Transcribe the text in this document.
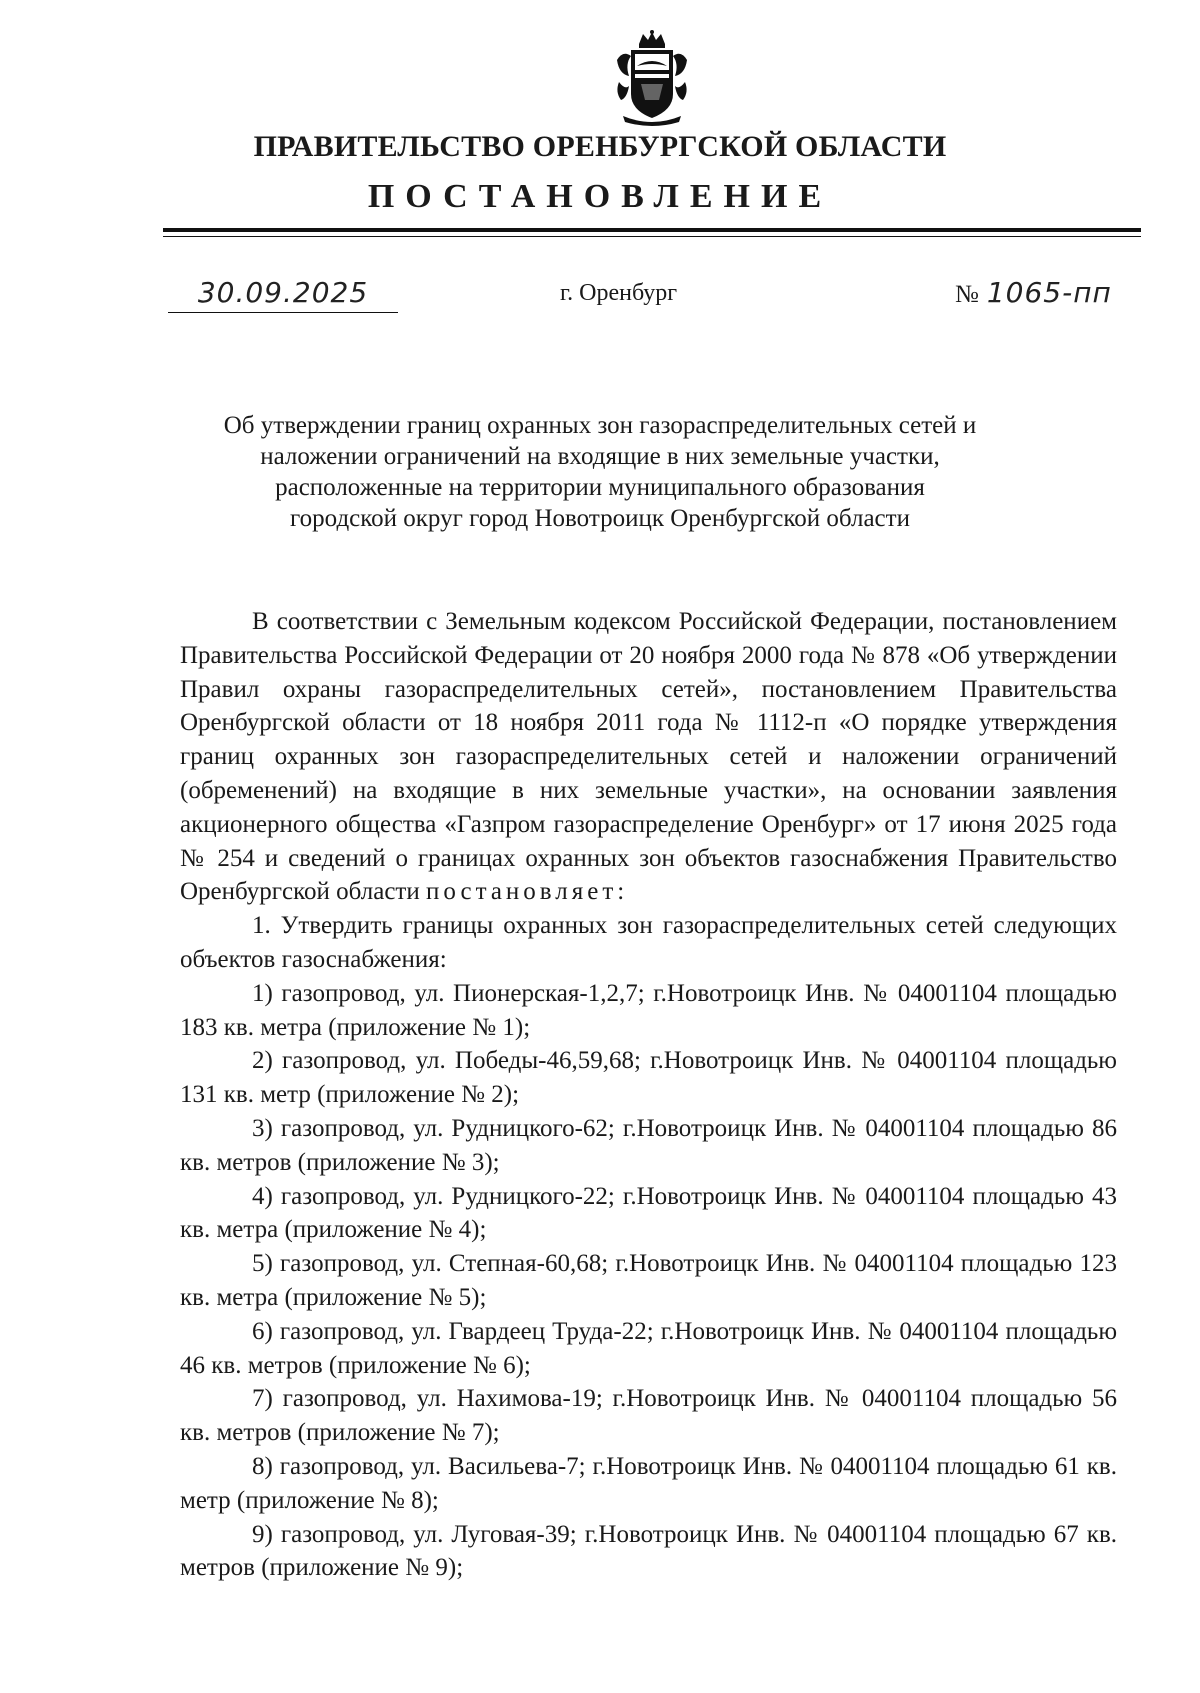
ПРАВИТЕЛЬСТВО ОРЕНБУРГСКОЙ ОБЛАСТИ
ПОСТАНОВЛЕНИЕ
30.09.2025	г. Оренбург	№ 1065-пп
Об утверждении границ охранных зон газораспределительных сетей и
наложении ограничений на входящие в них земельные участки,
расположенные на территории муниципального образования
городской округ город Новотроицк Оренбургской области

В соответствии с Земельным кодексом Российской Федерации, постановлением Правительства Российской Федерации от 20 ноября 2000 года № 878 «Об утверждении Правил охраны газораспределительных сетей», постановлением Правительства Оренбургской области от 18 ноября 2011 года № 1112-п «О порядке утверждения границ охранных зон газораспределительных сетей и наложении ограничений (обременений) на входящие в них земельные участки», на основании заявления акционерного общества «Газпром газораспределение Оренбург» от 17 июня 2025 года № 254 и сведений о границах охранных зон объектов газоснабжения Правительство Оренбургской области постановляет:

1. Утвердить границы охранных зон газораспределительных сетей следующих объектов газоснабжения:

1) газопровод, ул. Пионерская-1,2,7; г.Новотроицк Инв. № 04001104 площадью 183 кв. метра (приложение № 1);

2) газопровод, ул. Победы-46,59,68; г.Новотроицк Инв. № 04001104 площадью 131 кв. метр (приложение № 2);

3) газопровод, ул. Рудницкого-62; г.Новотроицк Инв. № 04001104 площадью 86 кв. метров (приложение № 3);

4) газопровод, ул. Рудницкого-22; г.Новотроицк Инв. № 04001104 площадью 43 кв. метра (приложение № 4);

5) газопровод, ул. Степная-60,68; г.Новотроицк Инв. № 04001104 площадью 123 кв. метра (приложение № 5);

6) газопровод, ул. Гвардеец Труда-22; г.Новотроицк Инв. № 04001104 площадью 46 кв. метров (приложение № 6);

7) газопровод, ул. Нахимова-19; г.Новотроицк Инв. № 04001104 площадью 56 кв. метров (приложение № 7);

8) газопровод, ул. Васильева-7; г.Новотроицк Инв. № 04001104 площадью 61 кв. метр (приложение № 8);

9) газопровод, ул. Луговая-39; г.Новотроицк Инв. № 04001104 площадью 67 кв. метров (приложение № 9);
